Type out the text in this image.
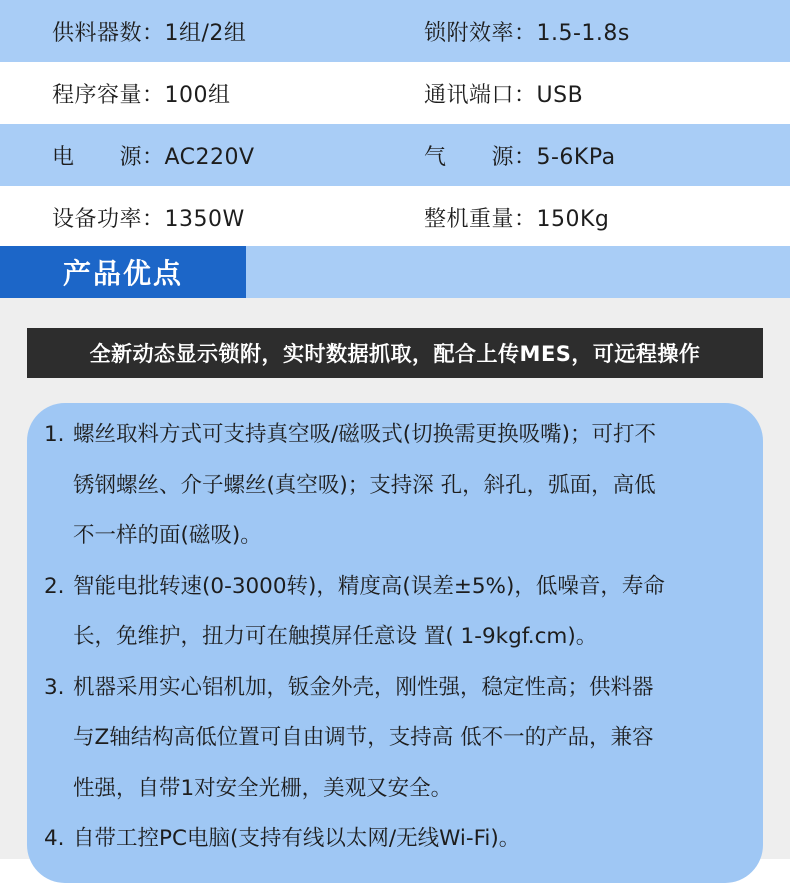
供料器数：1组/2组	锁附效率：1.5-1.8s
程序容量：100组	通讯端口：USB
电　　源：AC220V	气　　源：5-6KPa
设备功率：1350W	整机重量：150Kg
产品优点
全新动态显示锁附，实时数据抓取，配合上传MES，可远程操作
1. 螺丝取料方式可支持真空吸/磁吸式(切换需更换吸嘴)；可打不
锈钢螺丝、介子螺丝(真空吸)；支持深 孔，斜孔，弧面，高低
不一样的面(磁吸)。
2. 智能电批转速(0-3000转)，精度高(误差±5%)，低噪音，寿命
长，免维护，扭力可在触摸屏任意设 置( 1-9kgf.cm)。
3. 机器采用实心铝机加，钣金外壳，刚性强，稳定性高；供料器
与Z轴结构高低位置可自由调节，支持高 低不一的产品，兼容
性强，自带1对安全光栅，美观又安全。
4. 自带工控PC电脑(支持有线以太网/无线Wi-Fi)。
